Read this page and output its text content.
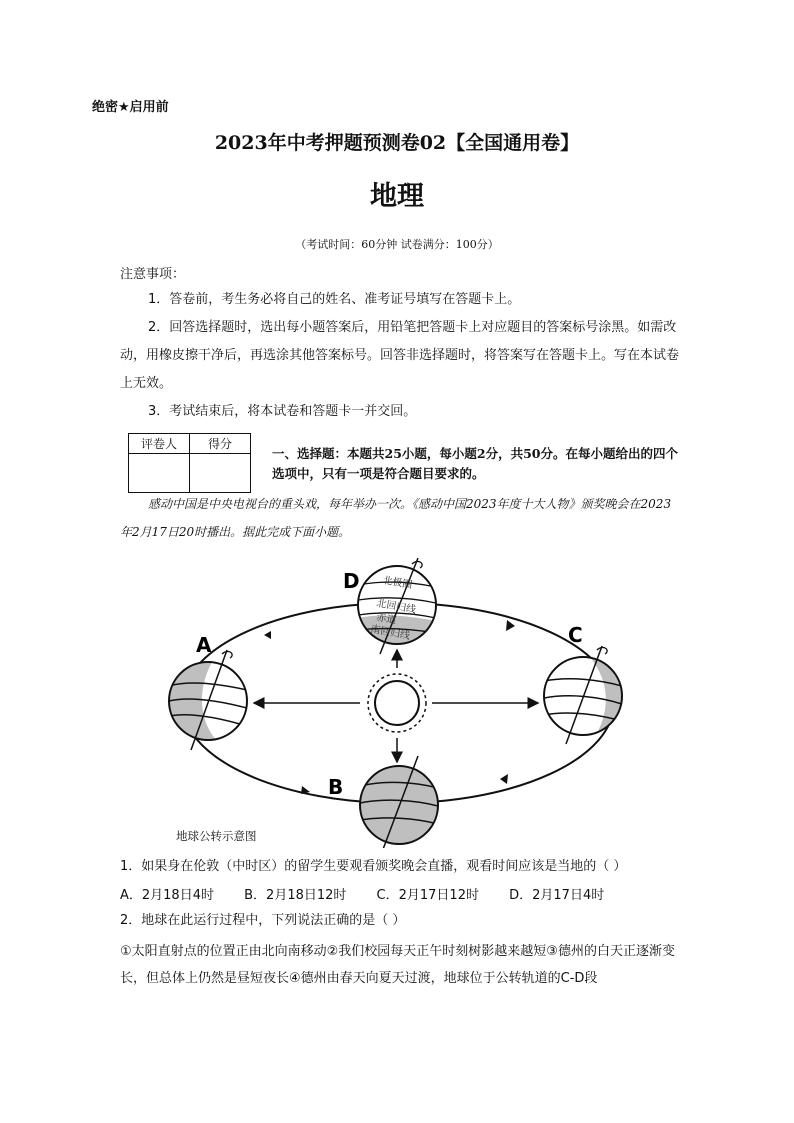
绝密★启用前
2023年中考押题预测卷02【全国通用卷】
地理
（考试时间：60分钟 试卷满分：100分）
注意事项：
1．答卷前，考生务必将自己的姓名、准考证号填写在答题卡上。
2．回答选择题时，选出每小题答案后，用铅笔把答题卡上对应题目的答案标号涂黑。如需改动，用橡皮擦干净后，再选涂其他答案标号。回答非选择题时，将答案写在答题卡上。写在本试卷上无效。
3．考试结束后，将本试卷和答题卡一并交回。
评卷人	得分

一、选择题：本题共25小题，每小题2分，共50分。在每小题给出的四个选项中，只有一项是符合题目要求的。
感动中国是中央电视台的重头戏，每年举办一次。《感动中国2023年度十大人物》颁奖晚会在2023年2月17日20时播出。据此完成下面小题。
北极圈
北回归线
赤道
南回归线
A
B
C
D
地球公转示意图
1．如果身在伦敦（中时区）的留学生要观看颁奖晚会直播，观看时间应该是当地的（ ）
A．2月18日4时 B．2月18日12时 C．2月17日12时 D．2月17日4时
2．地球在此运行过程中，下列说法正确的是（ ）
①太阳直射点的位置正由北向南移动②我们校园每天正午时刻树影越来越短③德州的白天正逐渐变长，但总体上仍然是昼短夜长④德州由春天向夏天过渡，地球位于公转轨道的C-D段
